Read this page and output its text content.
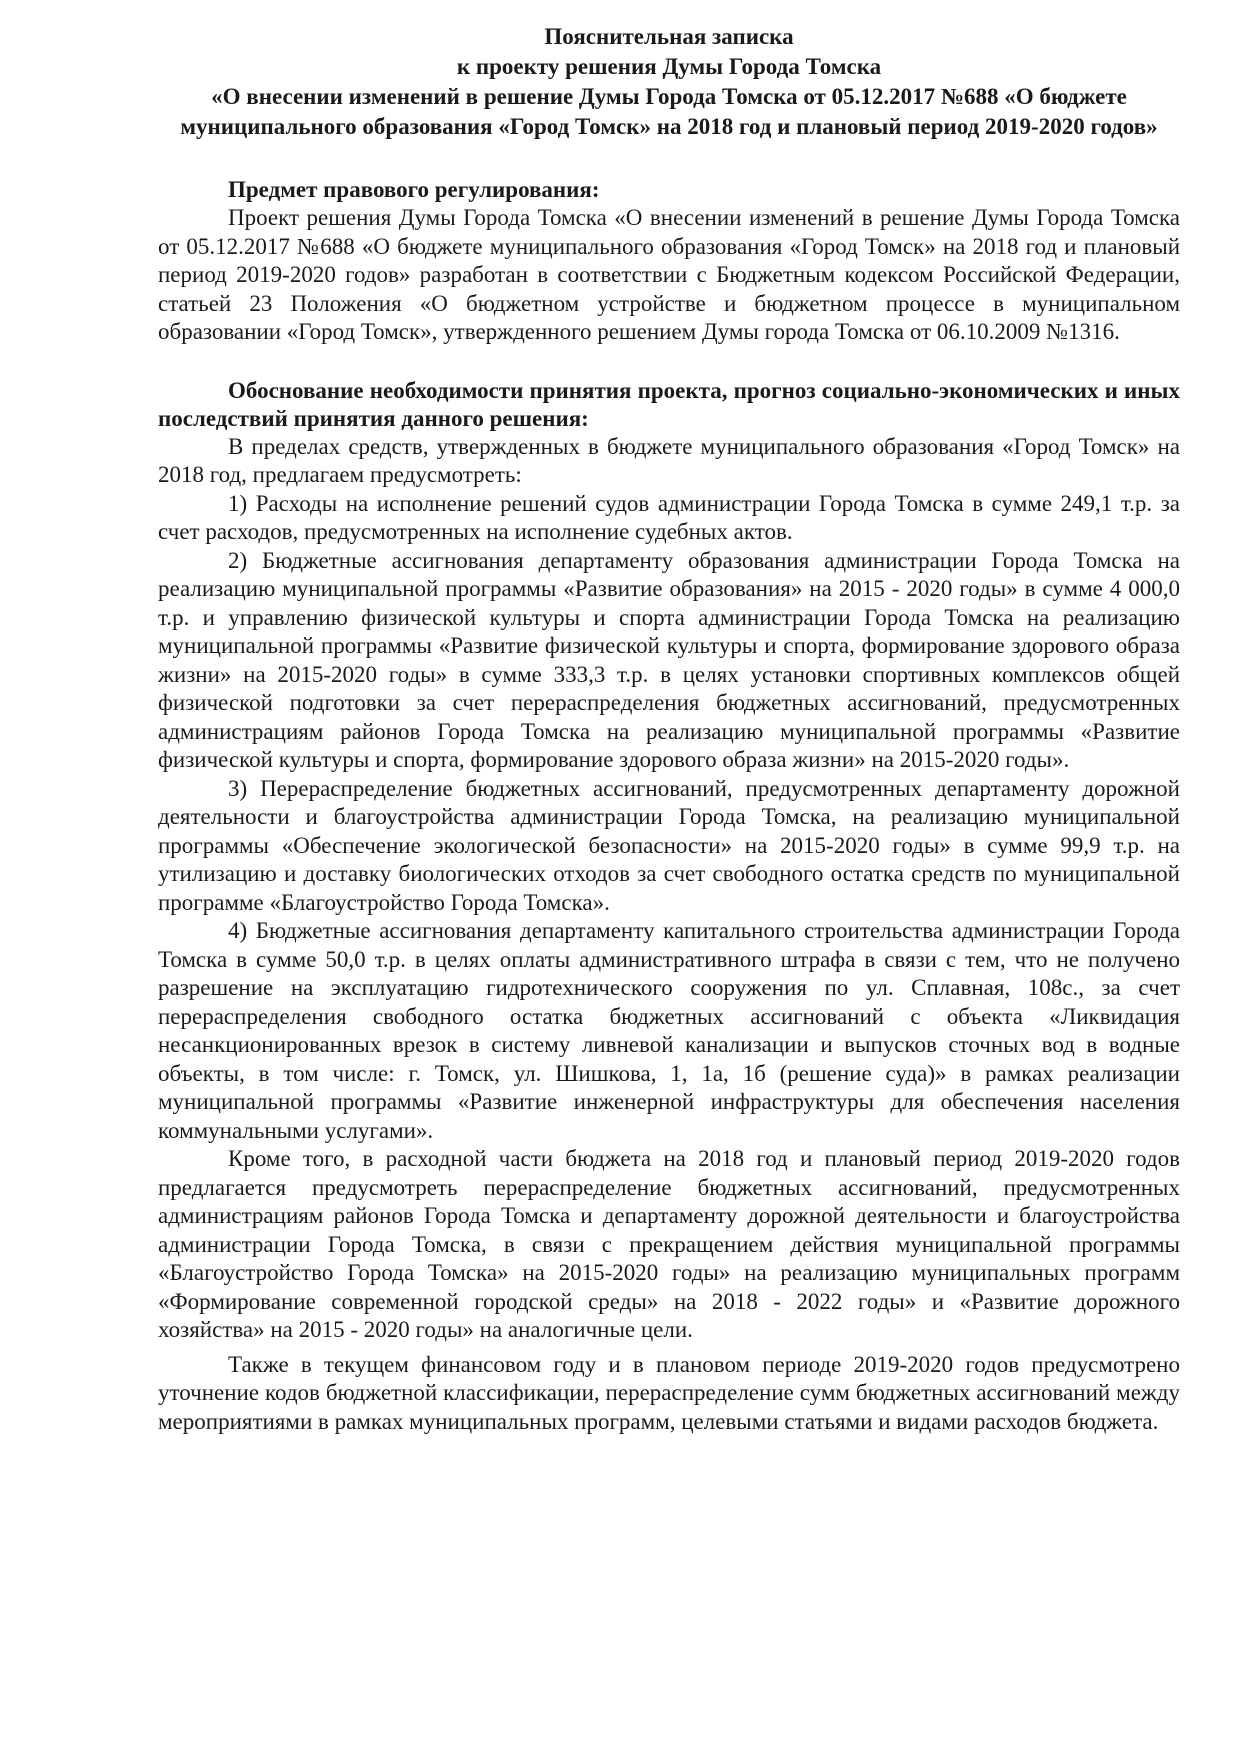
Пояснительная записка

к проекту решения Думы Города Томска

«О внесении изменений в решение Думы Города Томска от 05.12.2017 №688 «О бюджете муниципального образования «Город Томск» на 2018 год и плановый период 2019-2020 годов»

Предмет правового регулирования:

Проект решения Думы Города Томска «О внесении изменений в решение Думы Города Томска от 05.12.2017 №688 «О бюджете муниципального образования «Город Томск» на 2018 год и плановый период 2019-2020 годов» разработан в соответствии с Бюджетным кодексом Российской Федерации, статьей 23 Положения «О бюджетном устройстве и бюджетном процессе в муниципальном образовании «Город Томск», утвержденного решением Думы города Томска от 06.10.2009 №1316.

Обоснование необходимости принятия проекта, прогноз социально-экономических и иных последствий принятия данного решения:

В пределах средств, утвержденных в бюджете муниципального образования «Город Томск» на 2018 год, предлагаем предусмотреть:

1) Расходы на исполнение решений судов администрации Города Томска в сумме 249,1 т.р. за счет расходов, предусмотренных на исполнение судебных актов.

2) Бюджетные ассигнования департаменту образования администрации Города Томска на реализацию муниципальной программы «Развитие образования» на 2015 - 2020 годы» в сумме 4 000,0 т.р. и управлению физической культуры и спорта администрации Города Томска на реализацию муниципальной программы «Развитие физической культуры и спорта, формирование здорового образа жизни» на 2015-2020 годы» в сумме 333,3 т.р. в целях установки спортивных комплексов общей физической подготовки за счет перераспределения бюджетных ассигнований, предусмотренных администрациям районов Города Томска на реализацию муниципальной программы «Развитие физической культуры и спорта, формирование здорового образа жизни» на 2015-2020 годы».

3) Перераспределение бюджетных ассигнований, предусмотренных департаменту дорожной деятельности и благоустройства администрации Города Томска, на реализацию муниципальной программы «Обеспечение экологической безопасности» на 2015-2020 годы» в сумме 99,9 т.р. на утилизацию и доставку биологических отходов за счет свободного остатка средств по муниципальной программе «Благоустройство Города Томска».

4) Бюджетные ассигнования департаменту капитального строительства администрации Города Томска в сумме 50,0 т.р. в целях оплаты административного штрафа в связи с тем, что не получено разрешение на эксплуатацию гидротехнического сооружения по ул. Сплавная, 108с., за счет перераспределения свободного остатка бюджетных ассигнований с объекта «Ликвидация несанкционированных врезок в систему ливневой канализации и выпусков сточных вод в водные объекты, в том числе: г. Томск, ул. Шишкова, 1, 1а, 1б (решение суда)» в рамках реализации муниципальной программы «Развитие инженерной инфраструктуры для обеспечения населения коммунальными услугами».

Кроме того, в расходной части бюджета на 2018 год и плановый период 2019-2020 годов предлагается предусмотреть перераспределение бюджетных ассигнований, предусмотренных администрациям районов Города Томска и департаменту дорожной деятельности и благоустройства администрации Города Томска, в связи с прекращением действия муниципальной программы «Благоустройство Города Томска» на 2015-2020 годы» на реализацию муниципальных программ «Формирование современной городской среды» на 2018 - 2022 годы» и «Развитие дорожного хозяйства» на 2015 - 2020 годы» на аналогичные цели.

Также в текущем финансовом году и в плановом периоде 2019-2020 годов предусмотрено уточнение кодов бюджетной классификации, перераспределение сумм бюджетных ассигнований между мероприятиями в рамках муниципальных программ, целевыми статьями и видами расходов бюджета.
